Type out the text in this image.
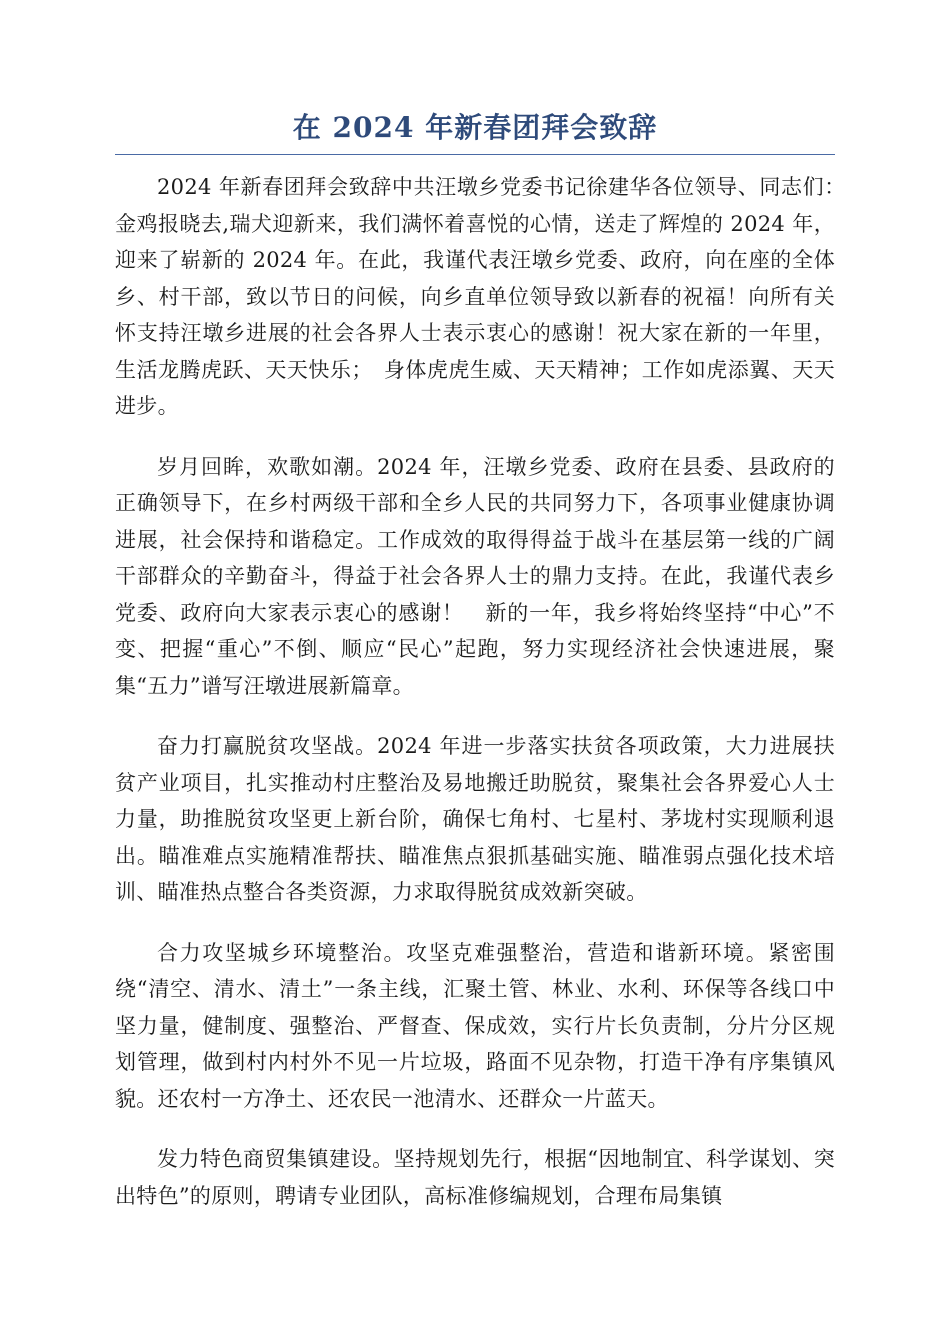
在 2024 年新春团拜会致辞

2024 年新春团拜会致辞中共汪墩乡党委书记徐建华各位领导、同志们：　金鸡报晓去,瑞犬迎新来，我们满怀着喜悦的心情，送走了辉煌的 2024 年，迎来了崭新的 2024 年。在此，我谨代表汪墩乡党委、政府，向在座的全体乡、村干部，致以节日的问候，向乡直单位领导致以新春的祝福！向所有关怀支持汪墩乡进展的社会各界人士表示衷心的感谢！祝大家在新的一年里，生活龙腾虎跃、天天快乐；　身体虎虎生威、天天精神；工作如虎添翼、天天进步。

岁月回眸，欢歌如潮。2024 年，汪墩乡党委、政府在县委、县政府的正确领导下，在乡村两级干部和全乡人民的共同努力下，各项事业健康协调进展，社会保持和谐稳定。工作成效的取得得益于战斗在基层第一线的广阔干部群众的辛勤奋斗，得益于社会各界人士的鼎力支持。在此，我谨代表乡党委、政府向大家表示衷心的感谢！　新的一年，我乡将始终坚持“中心”不变、把握“重心”不倒、顺应“民心”起跑，努力实现经济社会快速进展，聚集“五力”谱写汪墩进展新篇章。

奋力打赢脱贫攻坚战。2024 年进一步落实扶贫各项政策，大力进展扶贫产业项目，扎实推动村庄整治及易地搬迁助脱贫，聚集社会各界爱心人士力量，助推脱贫攻坚更上新台阶，确保七角村、七星村、茅垅村实现顺利退出。瞄准难点实施精准帮扶、瞄准焦点狠抓基础实施、瞄准弱点强化技术培训、瞄准热点整合各类资源，力求取得脱贫成效新突破。

合力攻坚城乡环境整治。攻坚克难强整治，营造和谐新环境。紧密围绕“清空、清水、清土”一条主线，汇聚土管、林业、水利、环保等各线口中坚力量，健制度、强整治、严督查、保成效，实行片长负责制，分片分区规划管理，做到村内村外不见一片垃圾，路面不见杂物，打造干净有序集镇风貌。还农村一方净土、还农民一池清水、还群众一片蓝天。

发力特色商贸集镇建设。坚持规划先行，根据“因地制宜、科学谋划、突出特色”的原则，聘请专业团队，高标准修编规划，合理布局集镇
